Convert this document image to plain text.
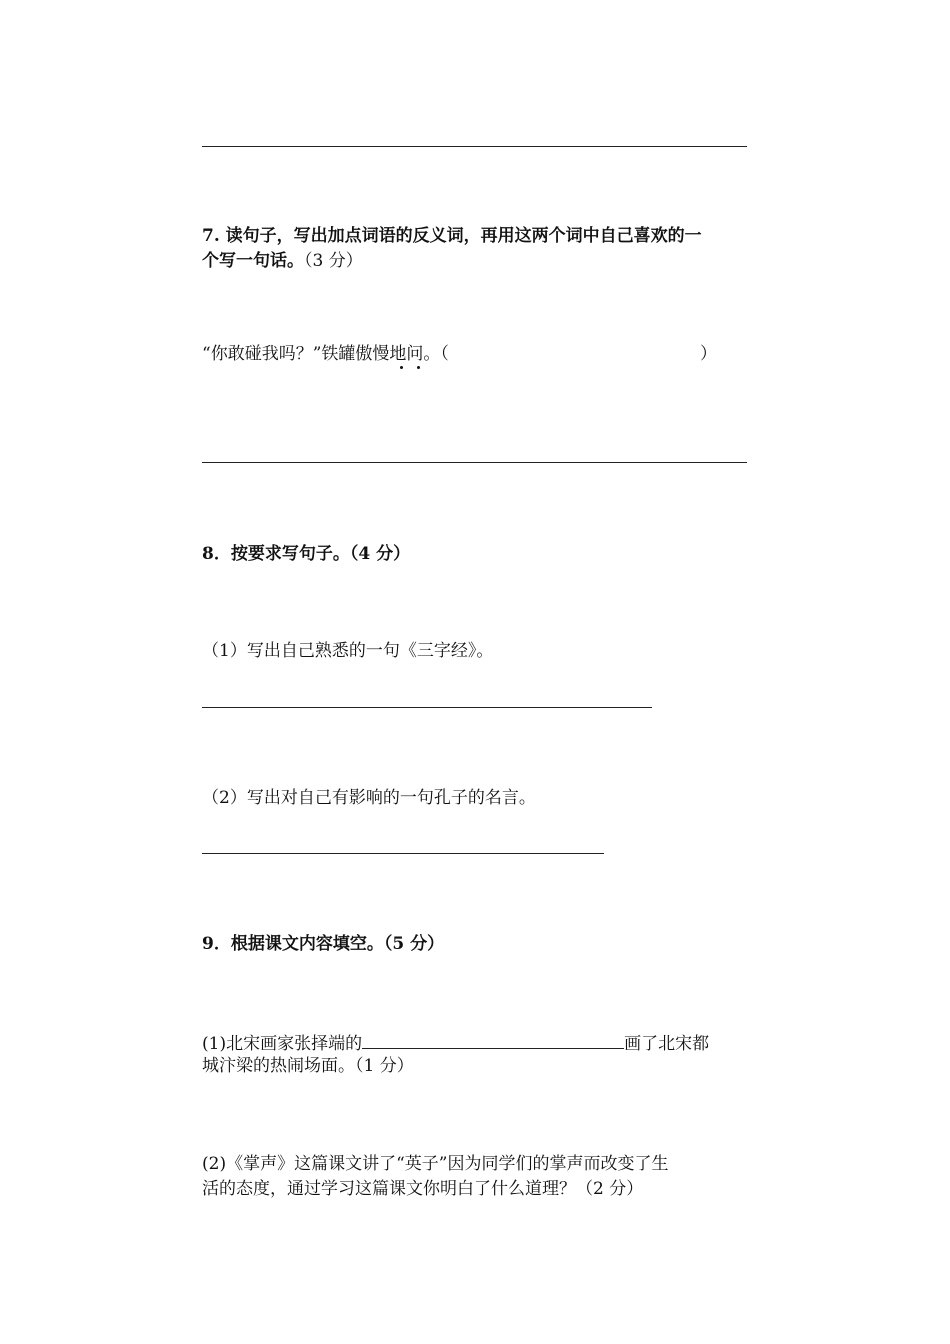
7. 读句子，写出加点词语的反义词，再用这两个词中自己喜欢的一
个写一句话。（3 分）
“你敢碰我吗？”铁罐傲慢地问。（	）
8．按要求写句子。（4 分）
（1）写出自己熟悉的一句《三字经》。
（2）写出对自己有影响的一句孔子的名言。
9．根据课文内容填空。（5 分）
(1)北宋画家张择端的	画了北宋都
城汴梁的热闹场面。（1 分）
(2)《掌声》这篇课文讲了“英子”因为同学们的掌声而改变了生
活的态度，通过学习这篇课文你明白了什么道理？（2 分）
